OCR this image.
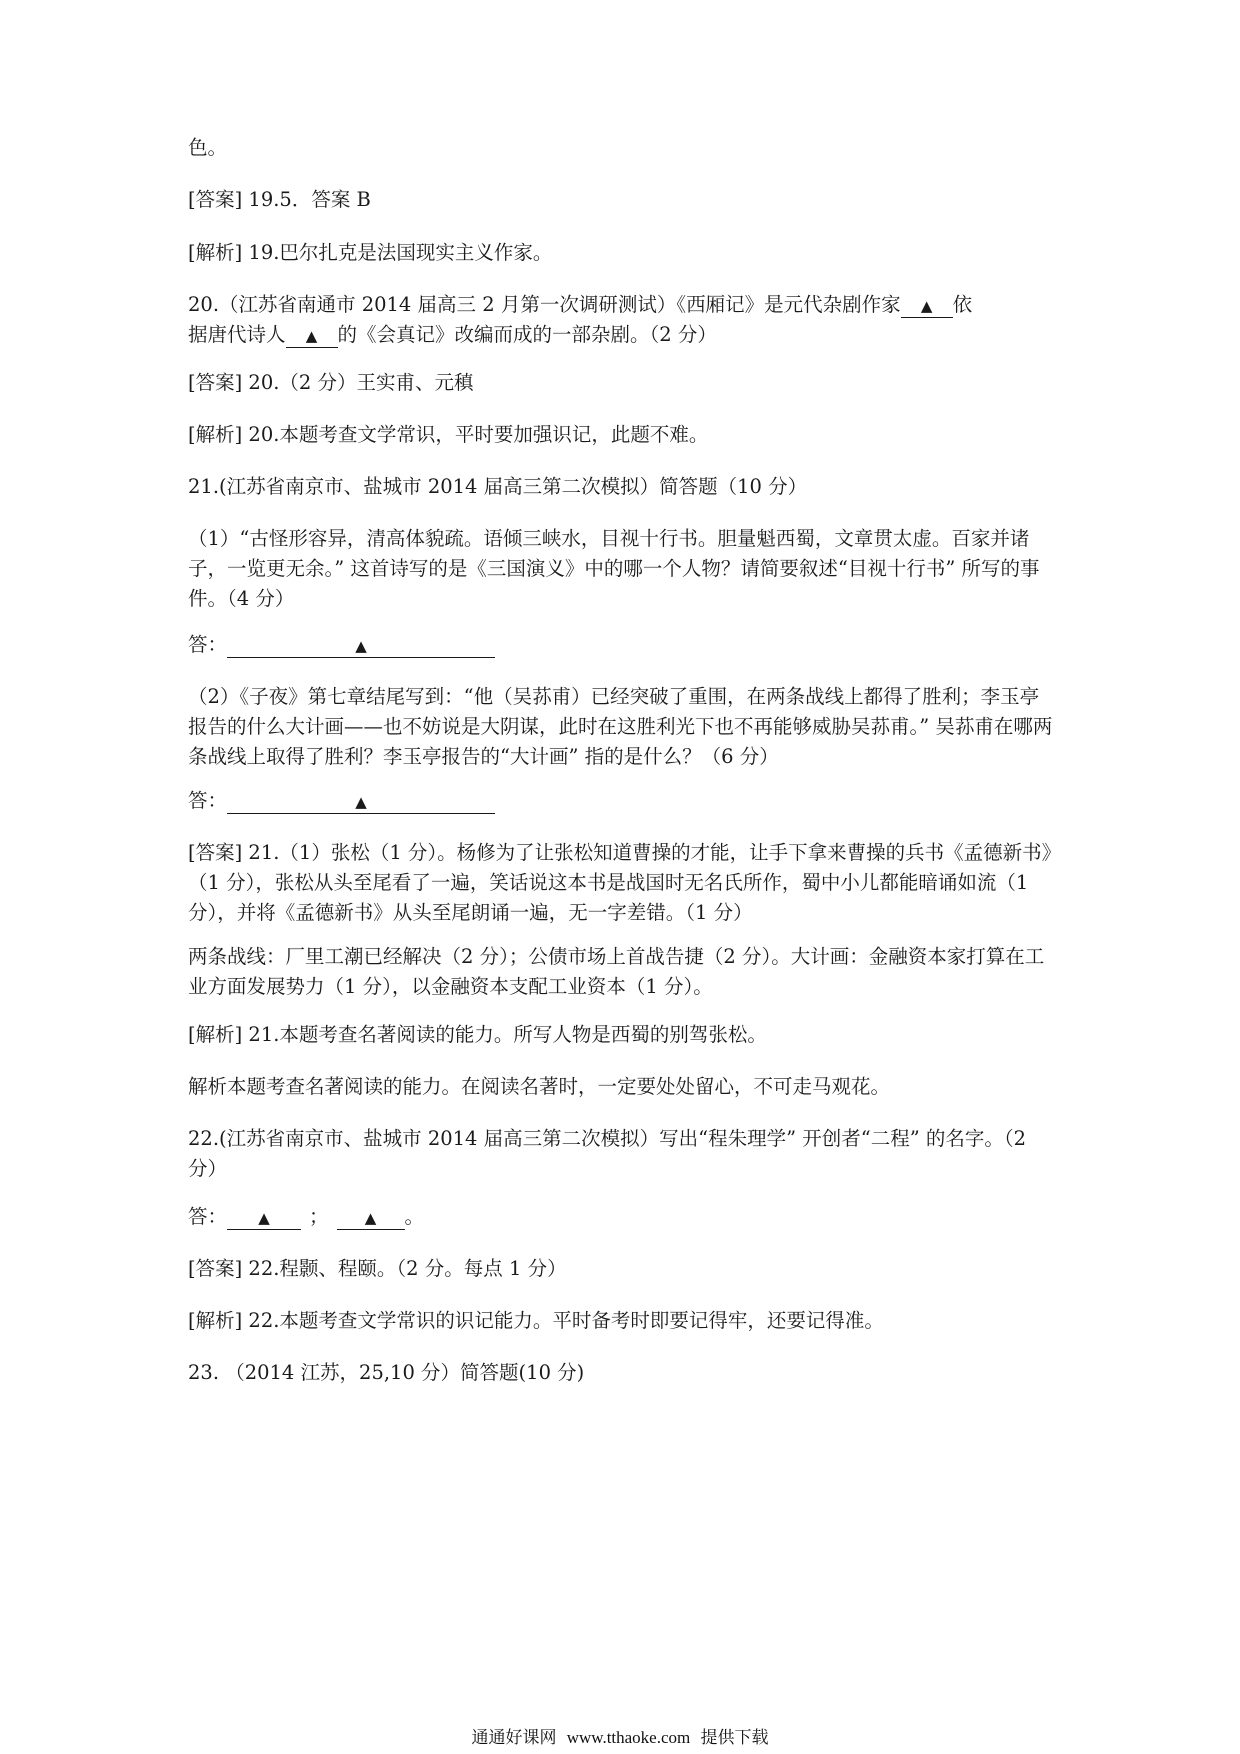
色。

[答案] 19.5．答案 B

[解析] 19.巴尔扎克是法国现实主义作家。

20.（江苏省南通市 2014 届高三 2 月第一次调研测试）《西厢记》是元代杂剧作家 ▲ 依
据唐代诗人 ▲ 的《会真记》改编而成的一部杂剧。（2 分）

[答案] 20.（2 分）王实甫、元稹

[解析] 20.本题考查文学常识，平时要加强识记，此题不难。

21.(江苏省南京市、盐城市 2014 届高三第二次模拟）简答题（10 分）

（1）“古怪形容异，清高体貌疏。语倾三峡水，目视十行书。胆量魁西蜀，文章贯太虚。百家并诸子，一览更无余。” 这首诗写的是《三国演义》中的哪一个人物？请简要叙述“目视十行书” 所写的事件。（4 分）

答：	▲

（2）《子夜》第七章结尾写到：“他（吴荪甫）已经突破了重围，在两条战线上都得了胜利；李玉亭报告的什么大计画——也不妨说是大阴谋，此时在这胜利光下也不再能够威胁吴荪甫。” 吴荪甫在哪两条战线上取得了胜利？李玉亭报告的“大计画” 指的是什么？（6 分）

答：	▲

[答案] 21.（1）张松（1 分）。杨修为了让张松知道曹操的才能，让手下拿来曹操的兵书《孟德新书》（1 分），张松从头至尾看了一遍，笑话说这本书是战国时无名氏所作，蜀中小儿都能暗诵如流（1 分），并将《孟德新书》从头至尾朗诵一遍，无一字差错。（1 分）

两条战线：厂里工潮已经解决（2 分）；公债市场上首战告捷（2 分）。大计画：金融资本家打算在工业方面发展势力（1 分），以金融资本支配工业资本（1 分）。

[解析] 21.本题考查名著阅读的能力。所写人物是西蜀的别驾张松。

解析本题考查名著阅读的能力。在阅读名著时，一定要处处留心，不可走马观花。

22.(江苏省南京市、盐城市 2014 届高三第二次模拟）写出“程朱理学” 开创者“二程” 的名字。（2 分）

答： ▲ ； ▲ 。

[答案] 22.程颢、程颐。（2 分。每点 1 分）

[解析] 22.本题考查文学常识的识记能力。平时备考时即要记得牢，还要记得准。

23. （2014 江苏，25,10 分）简答题(10 分)

通通好课网 www.tthaoke.com 提供下载
